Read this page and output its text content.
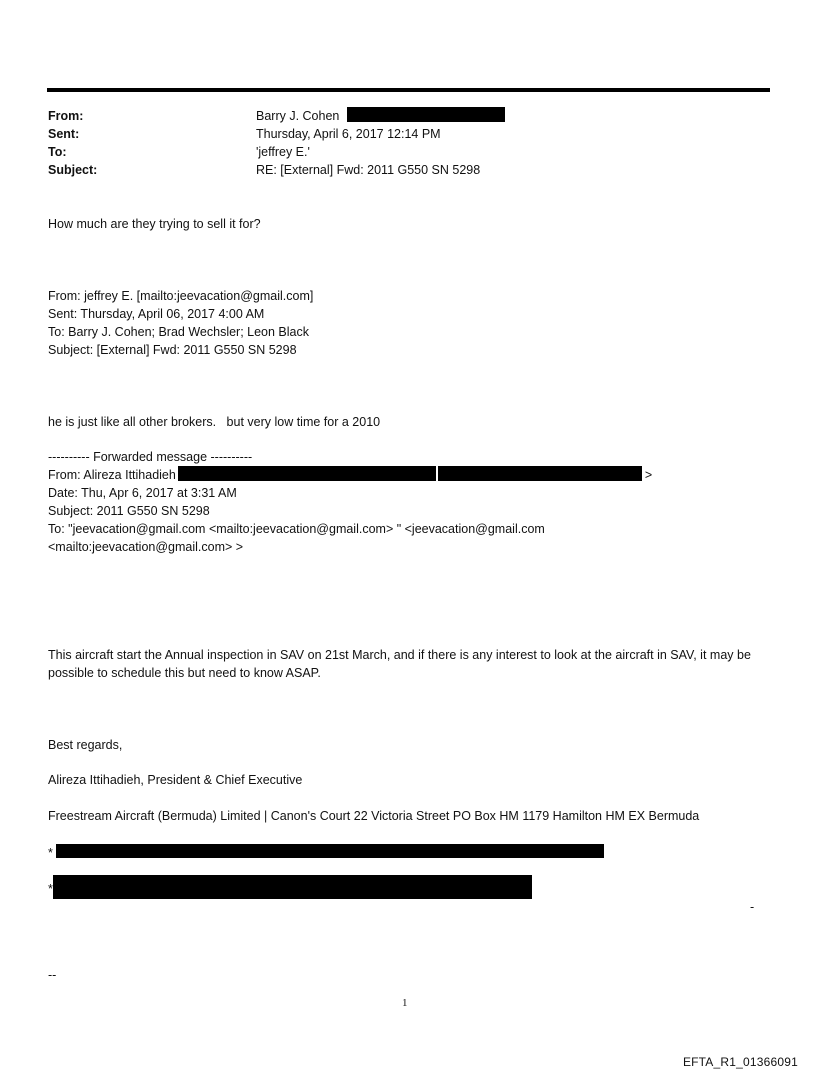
From:	Barry J. Cohen
Sent:	Thursday, April 6, 2017 12:14 PM
To:	'jeffrey E.'
Subject:	RE: [External] Fwd: 2011 G550 SN 5298
How much are they trying to sell it for?
From: jeffrey E. [mailto:jeevacation@gmail.com]
Sent: Thursday, April 06, 2017 4:00 AM
To: Barry J. Cohen; Brad Wechsler; Leon Black
Subject: [External] Fwd: 2011 G550 SN 5298
he is just like all other brokers.   but very low time for a 2010
---------- Forwarded message ----------
From: Alireza Ittihadieh	>
Date: Thu, Apr 6, 2017 at 3:31 AM
Subject: 2011 G550 SN 5298
To: "jeevacation@gmail.com <mailto:jeevacation@gmail.com> " <jeevacation@gmail.com
<mailto:jeevacation@gmail.com> >
This aircraft start the Annual inspection in SAV on 21st March, and if there is any interest to look at the aircraft in SAV, it may be possible to schedule this but need to know ASAP.
Best regards,
Alireza Ittihadieh, President & Chief Executive
Freestream Aircraft (Bermuda) Limited | Canon's Court 22 Victoria Street PO Box HM 1179 Hamilton HM EX Bermuda
*
*
-
--
1
EFTA_R1_01366091
